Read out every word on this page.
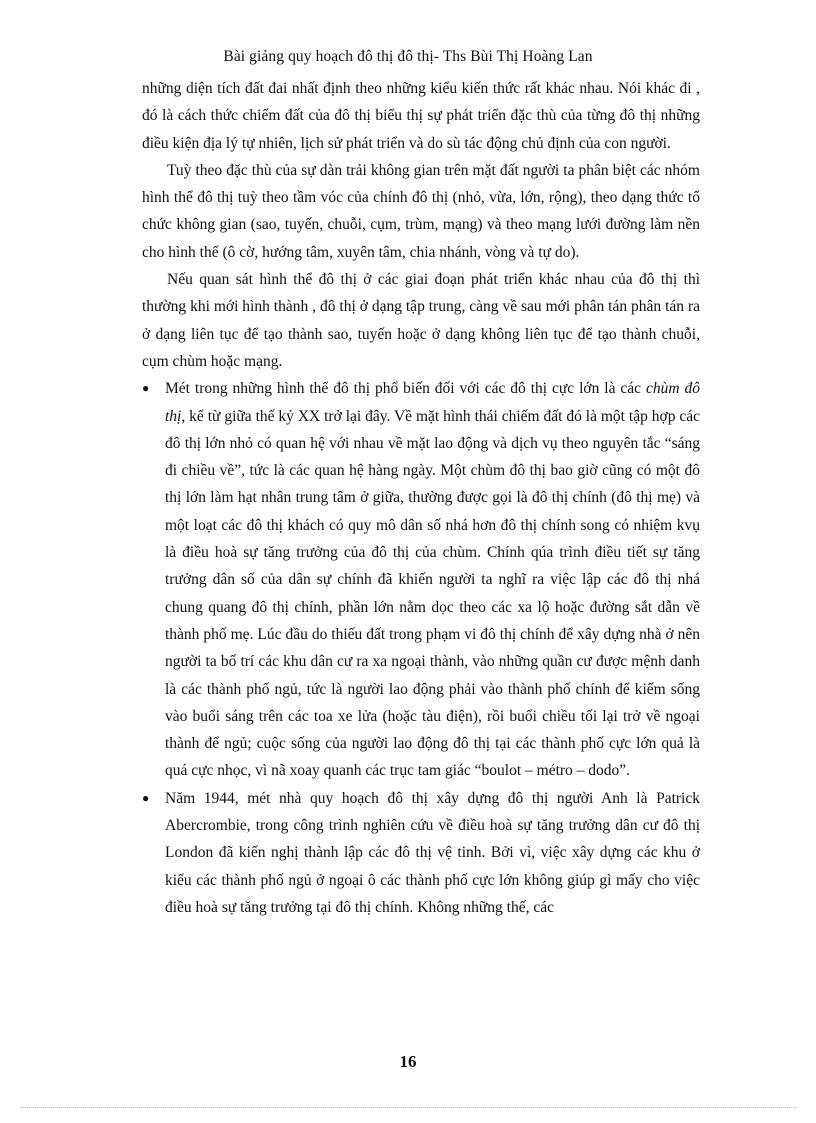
Bài giảng quy hoạch đô thị đô thị- Ths Bùi Thị Hoàng Lan

những diện tích đất đai nhất định theo những kiểu kiến thức rất khác nhau. Nói khác đi , đó là cách thức chiếm đất của đô thị biểu thị sự phát triển đặc thù của từng đô thị những điều kiện địa lý tự nhiên, lịch sử phát triển và do sù tác động chủ định của con người.

Tuỳ theo đặc thù của sự dàn trải không gian trên mặt đất người ta phân biệt các nhóm hình thể đô thị tuỳ theo tầm vóc của chính đô thị (nhỏ, vừa, lớn, rộng), theo dạng thức tổ chức không gian (sao, tuyến, chuỗi, cụm, trùm, mạng) và theo mạng lưới đường làm nền cho hình thể (ô cờ, hướng tâm, xuyên tâm, chia nhánh, vòng và tự do).

Nếu quan sát hình thể đô thị ở các giai đoạn phát triển khác nhau của đô thị thì thường khi mới hình thành , đô thị ở dạng tập trung, càng về sau mới phân tán phân tán ra ở dạng liên tục để tạo thành sao, tuyến hoặc ở dạng không liên tục để tạo thành chuỗi, cụm chùm hoặc mạng.

● Mét trong những hình thể đô thị phổ biến đối với các đô thị cực lớn là các chùm đô thị, kể từ giữa thế kỷ XX trở lại đây. Về mặt hình thái chiếm đất đó là một tập hợp các đô thị lớn nhỏ có quan hệ với nhau về mặt lao động và dịch vụ theo nguyên tắc “sáng đi chiều về”, tức là các quan hệ hàng ngày. Một chùm đô thị bao giờ cũng có một đô thị lớn làm hạt nhân trung tâm ở giữa, thường được gọi là đô thị chính (đô thị mẹ) và một loạt các đô thị khách có quy mô dân số nhá hơn đô thị chính song có nhiệm kvụ là điều hoà sự tăng trưởng của đô thị của chùm. Chính qúa trình điều tiết sự tăng trưởng dân số của dân sự chính đã khiến người ta nghĩ ra việc lập các đô thị nhá chung quang đô thị chính, phần lớn nằm dọc theo các xa lộ hoặc đường sắt dẫn về thành phố mẹ. Lúc đầu do thiếu đất trong phạm vi đô thị chính để xây dựng nhà ở nên người ta bố trí các khu dân cư ra xa ngoại thành, vào những quần cư được mệnh danh là các thành phố ngủ, tức là người lao động phải vào thành phố chính để kiếm sống vào buổi sáng trên các toa xe lửa (hoặc tàu điện), rồi buổi chiều tối lại trở về ngoại thành để ngủ; cuộc sống của người lao động đô thị tại các thành phố cực lớn quả là quá cực nhọc, vì nã xoay quanh các trục tam giác “boulot – métro – dodo”.

● Năm 1944, mét nhà quy hoạch đô thị xây dựng đô thị người Anh là Patrick Abercrombie, trong công trình nghiên cứu về điều hoà sự tăng trưởng dân cư đô thị London đã kiến nghị thành lập các đô thị vệ tinh. Bởi vì, việc xây dựng các khu ở kiểu các thành phố ngủ ở ngoại ô các thành phố cực lớn không giúp gì mấy cho việc điều hoà sự tăng trưởng tại đô thị chính. Không những thế, các

16
